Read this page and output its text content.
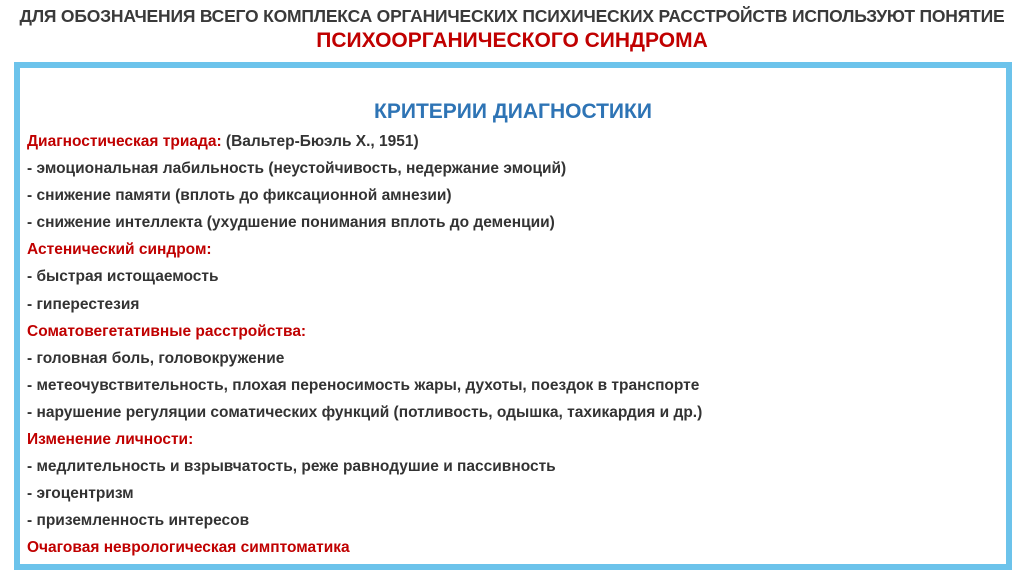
ДЛЯ ОБОЗНАЧЕНИЯ ВСЕГО КОМПЛЕКСА ОРГАНИЧЕСКИХ ПСИХИЧЕСКИХ РАССТРОЙСТВ ИСПОЛЬЗУЮТ ПОНЯТИЕ
ПСИХООРГАНИЧЕСКОГО СИНДРОМА
КРИТЕРИИ ДИАГНОСТИКИ
Диагностическая триада: (Вальтер-Бюэль Х., 1951)
- эмоциональная лабильность (неустойчивость, недержание эмоций)
- снижение памяти (вплоть до фиксационной амнезии)
- снижение интеллекта (ухудшение понимания вплоть до деменции)
Астенический синдром:
- быстрая истощаемость
- гиперестезия
Соматовегетативные расстройства:
- головная боль, головокружение
- метеочувствительность, плохая переносимость жары, духоты, поездок в транспорте
- нарушение регуляции соматических функций (потливость, одышка, тахикардия и др.)
Изменение личности:
- медлительность и взрывчатость, реже равнодушие и пассивность
- эгоцентризм
- приземленность интересов
Очаговая неврологическая симптоматика
